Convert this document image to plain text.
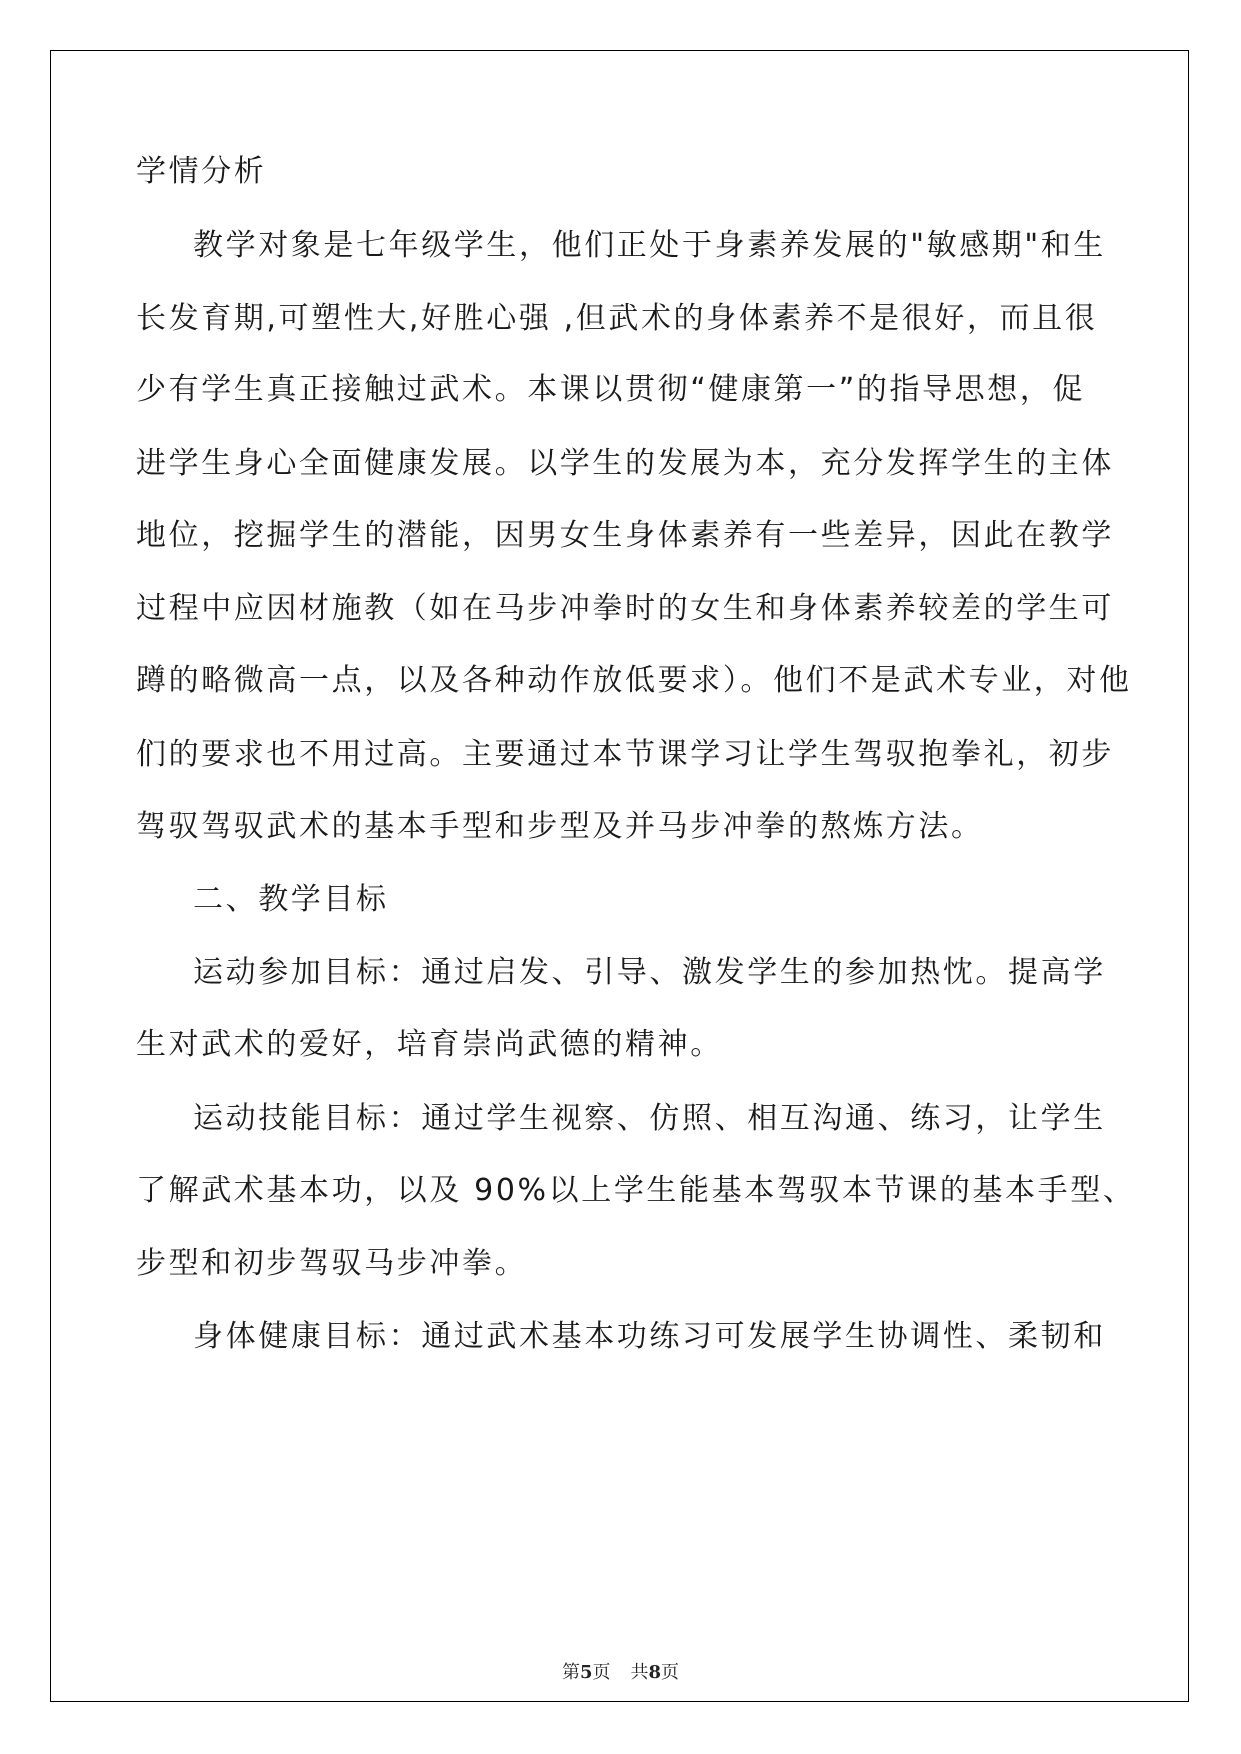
学情分析
教学对象是七年级学生，他们正处于身素养发展的"敏感期"和生
长发育期,可塑性大,好胜心强 ,但武术的身体素养不是很好，而且很
少有学生真正接触过武术。本课以贯彻“健康第一”的指导思想，促
进学生身心全面健康发展。以学生的发展为本，充分发挥学生的主体
地位，挖掘学生的潜能，因男女生身体素养有一些差异，因此在教学
过程中应因材施教（如在马步冲拳时的女生和身体素养较差的学生可
蹲的略微高一点，以及各种动作放低要求）。他们不是武术专业，对他
们的要求也不用过高。主要通过本节课学习让学生驾驭抱拳礼，初步
驾驭驾驭武术的基本手型和步型及并马步冲拳的熬炼方法。
二、教学目标
运动参加目标：通过启发、引导、激发学生的参加热忱。提高学
生对武术的爱好，培育崇尚武德的精神。
运动技能目标：通过学生视察、仿照、相互沟通、练习，让学生
了解武术基本功，以及 90%以上学生能基本驾驭本节课的基本手型、
步型和初步驾驭马步冲拳。
身体健康目标：通过武术基本功练习可发展学生协调性、柔韧和
第5页 共8页
